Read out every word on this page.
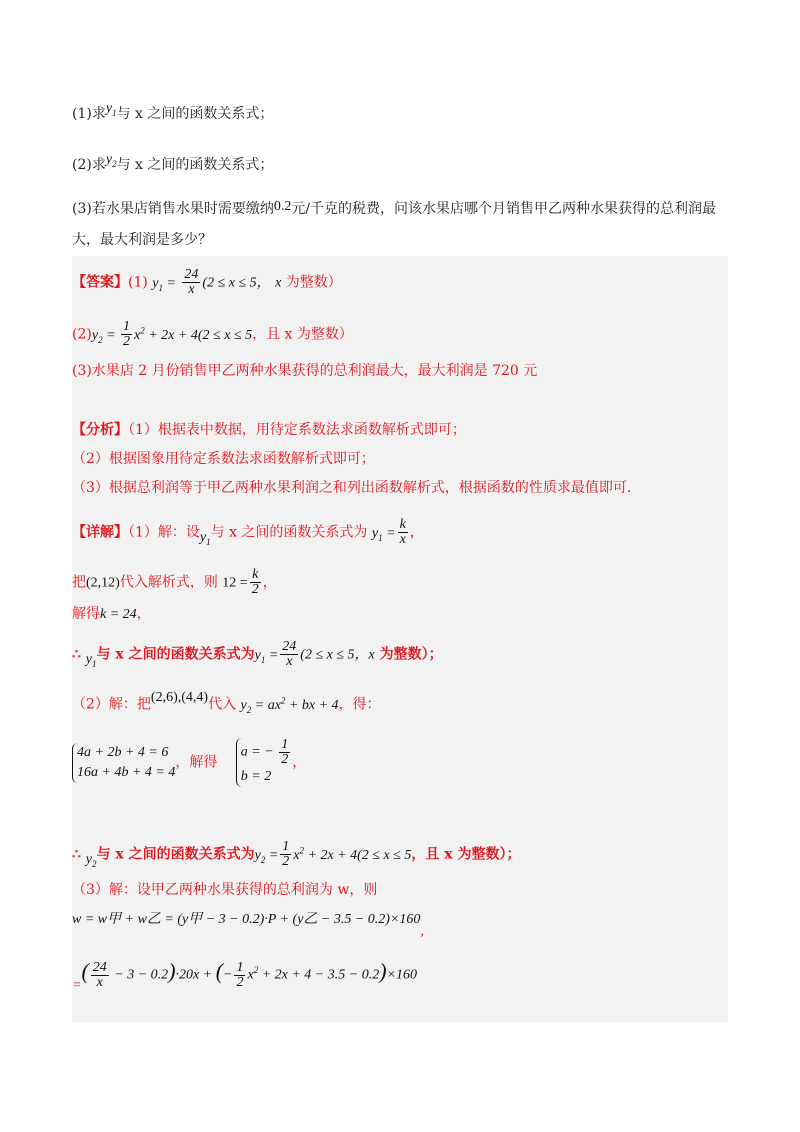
(1)求$y_1$与 x 之间的函数关系式；
(2)求$y_2$与 x 之间的函数关系式；
(3)若水果店销售水果时需要缴纳0.2元/千克的税费，问该水果店哪个月销售甲乙两种水果获得的总利润最
大，最大利润是多少？
【答案】(1) $y_1 = \frac{24}{x} (2 \le x \le 5$， x 为整数）
$(2)y_2 = \frac{1}{2} x^2 + 2x + 4(2 \le x \le 5$，且 x 为整数）
(3)水果店 2 月份销售甲乙两种水果获得的总利润最大，最大利润是 720 元
【分析】（1）根据表中数据，用待定系数法求函数解析式即可；
（2）根据图象用待定系数法求函数解析式即可；
（3）根据总利润等于甲乙两种水果利润之和列出函数解析式，根据函数的性质求最值即可.
【详解】（1）解：设$y_1$与 x 之间的函数关系式为 $y_1 = \frac{k}{x}$ ，
把(2,12)代入解析式，则 $12 = \frac{k}{2}$ ，
解得k = 24，
∴ $y_1$与 x 之间的函数关系式为$y_1 = \frac{24}{x} (2 \le x \le 5$，x 为整数）；
（2）解：把(2,6),(4,4)代入 $y_2 = ax^2$ + bx + 4，得：
4a + 2b + 4 = 6
16a + 4b + 4 = 4
，解得
a = − $\frac{1}{2}$
b = 2
，
∴ $y_2$与 x 之间的函数关系式为$y_2 = \frac{1}{2} x^2 + 2x + 4(2 \le x \le 5$，且 x 为整数）；
（3）解：设甲乙两种水果获得的总利润为 w，则
w = w甲 + w乙 = (y甲 − 3 − 0.2)·P + (y乙 − 3.5 − 0.2)×160,
=( $\frac{24}{x} - 3 - 0.2)\cdot 20x$ + (− $\frac{1}{2} x^2 + 2x + 4 - 3.5 - 0.2)\times 160$
